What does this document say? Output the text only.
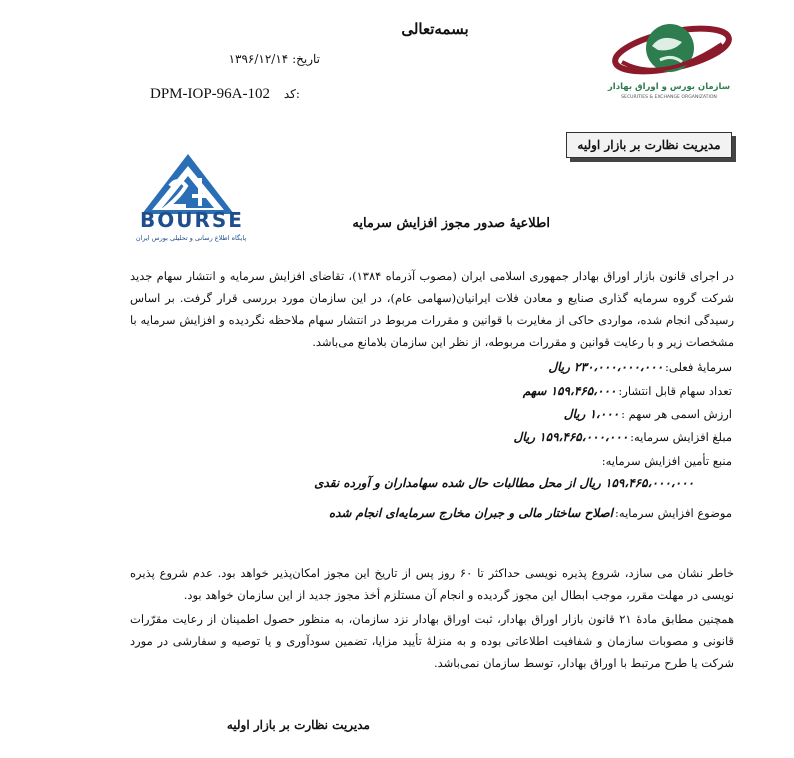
بسمه‌تعالی
تاریخ: ۱۳۹۶/۱۲/۱۴
DPM-IOP-96A-102 کد:	سازمان بورس و اوراق بهادار
SECURITIES & EXCHANGE ORGANIZATION
مدیریت نظارت بر بازار اولیه
BOURSE
پایگاه اطلاع رسانی و تحلیلی بورس ایران
اطلاعیهٔ صدور مجوز افزایش سرمایه
در اجرای قانون بازار اوراق بهادار جمهوری اسلامی ایران (مصوب آذرماه ۱۳۸۴)، تقاضای افزایش سرمایه و انتشار سهام جدید شرکت گروه سرمایه گذاری صنایع و معادن فلات ایرانیان(سهامی عام)، در این سازمان مورد بررسی قرار گرفت. بر اساس رسیدگی انجام شده، مواردی حاکی از مغایرت با قوانین و مقررات مربوط در انتشار سهام ملاحظه نگردیده و افزایش سرمایه با مشخصات زیر و با رعایت قوانین و مقررات مربوطه، از نظر این سازمان بلامانع می‌باشد.
سرمایهٔ فعلی:۲۳۰،۰۰۰،۰۰۰،۰۰۰ ریال
تعداد سهام قابل انتشار:۱۵۹،۴۶۵،۰۰۰ سهم
ارزش اسمی هر سهم :۱،۰۰۰ ریال
مبلغ افزایش سرمایه:۱۵۹،۴۶۵،۰۰۰،۰۰۰ ریال
منبع تأمین افزایش سرمایه:
۱۵۹،۴۶۵،۰۰۰،۰۰۰ ریال از محل مطالبات حال شده سهامداران و آورده نقدی
موضوع افزایش سرمایه:اصلاح ساختار مالی و جبران مخارج سرمایه‌ای انجام شده
خاطر نشان می سازد، شروع پذیره نویسی حداکثر تا ۶۰ روز پس از تاریخ این مجوز امکان‌پذیر خواهد بود. عدم شروع پذیره نویسی در مهلت مقرر، موجب ابطال این مجوز گردیده و انجام آن مستلزم أخذ مجوز جدید از این سازمان خواهد بود.
همچنین مطابق مادهٔ ۲۱ قانون بازار اوراق بهادار، ثبت اوراق بهادار نزد سازمان، به منظور حصول اطمینان از رعایت مقرّرات قانونی و مصوبات سازمان و شفافیت اطلاعاتی بوده و به منزلهٔ تأیید مزایا، تضمین سودآوری و یا توصیه و سفارشی در مورد شرکت یا طرح مرتبط با اوراق بهادار، توسط سازمان نمی‌باشد.
مدیریت نظارت بر بازار اولیه
